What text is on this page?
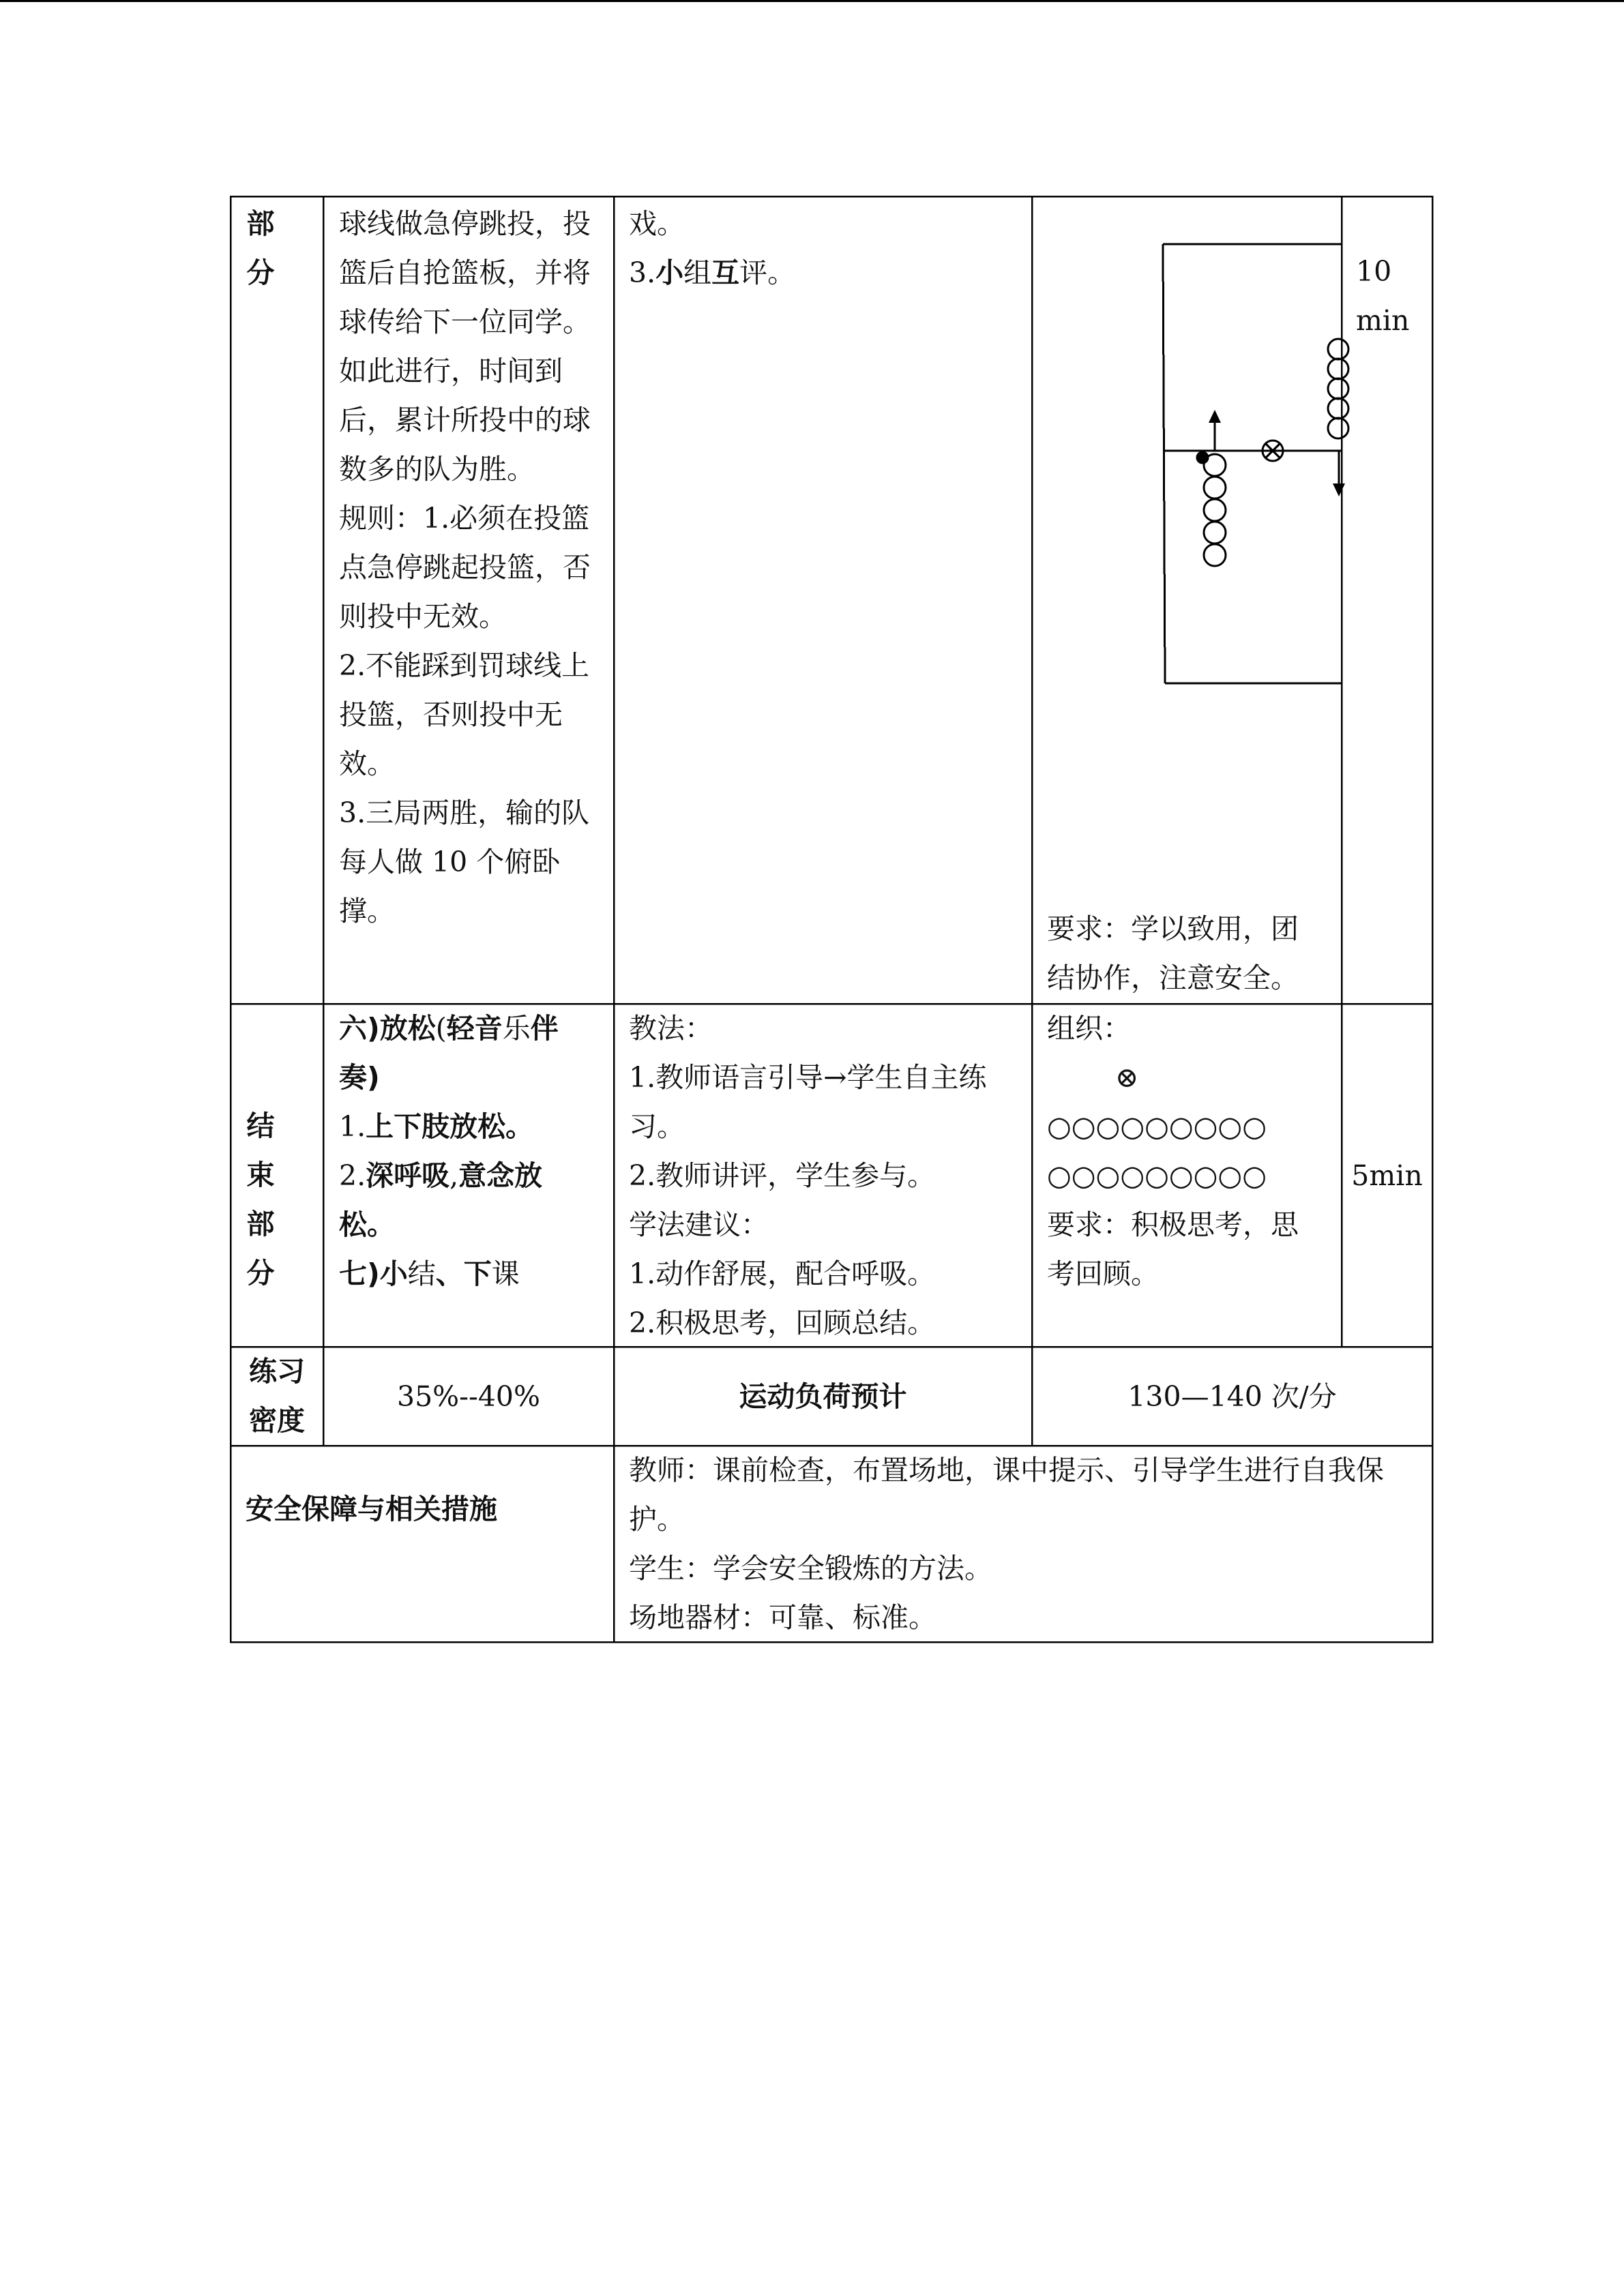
部
分
球线做急停跳投，投
篮后自抢篮板，并将
球传给下一位同学。
如此进行，时间到
后，累计所投中的球
数多的队为胜。
规则：1.必须在投篮
点急停跳起投篮，否
则投中无效。
2.不能踩到罚球线上
投篮，否则投中无
效。
3.三局两胜，输的队
每人做 10 个俯卧
撑。
戏。
3.小组互评。
要求：学以致用，团
结协作，注意安全。
10
min
结
束
部
分
六)放松(轻音乐伴
奏)
1.上下肢放松。
2.深呼吸,意念放
松。
七)小结、下课
教法：
1.教师语言引导→学生自主练
习。
2.教师讲评，学生参与。
学法建议：
1.动作舒展，配合呼吸。
2.积极思考，回顾总结。
组织：
⊗
○○○○○○○○○
○○○○○○○○○
要求：积极思考，思
考回顾。
5min
练习
密度
35%--40%	运动负荷预计	130—140 次/分
安全保障与相关措施
教师：课前检查，布置场地，课中提示、引导学生进行自我保
护。
学生：学会安全锻炼的方法。
场地器材：可靠、标准。
